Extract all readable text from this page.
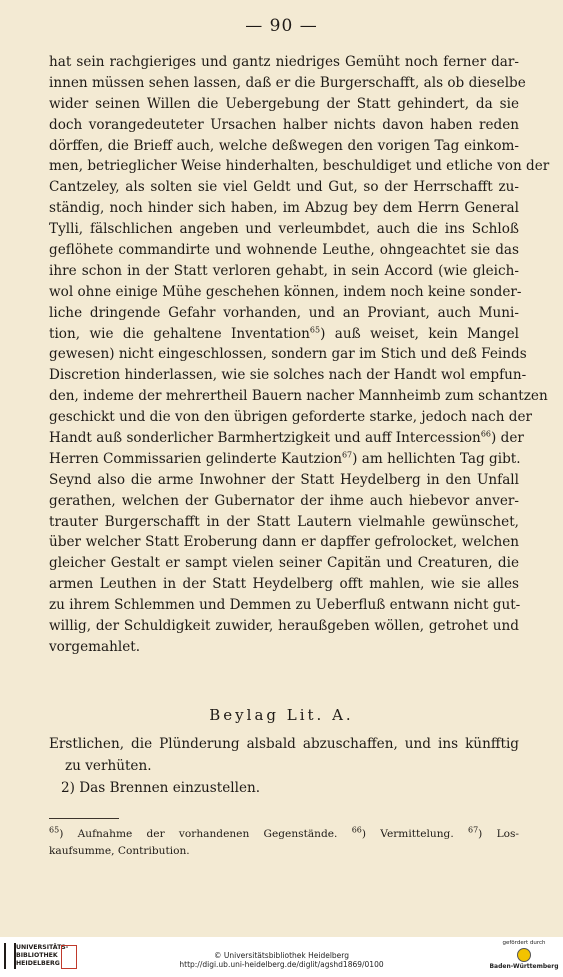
— 90 —
hat sein rachgieriges und gantz niedriges Gemüht noch ferner dar-
innen müssen sehen lassen, daß er die Burgerschafft, als ob dieselbe
wider seinen Willen die Uebergebung der Statt gehindert, da sie
doch vorangedeuteter Ursachen halber nichts davon haben reden
dörffen, die Brieff auch, welche deßwegen den vorigen Tag einkom-
men, betrieglicher Weise hinderhalten, beschuldiget und etliche von der
Cantzeley, als solten sie viel Geldt und Gut, so der Herrschafft zu-
ständig, noch hinder sich haben, im Abzug bey dem Herrn General
Tylli, fälschlichen angeben und verleumbdet, auch die ins Schloß
geflöhete commandirte und wohnende Leuthe, ohngeachtet sie das
ihre schon in der Statt verloren gehabt, in sein Accord (wie gleich-
wol ohne einige Mühe geschehen können, indem noch keine sonder-
liche dringende Gefahr vorhanden, und an Proviant, auch Muni-
tion, wie die gehaltene Inventation$^{65}$) auß weiset, kein Mangel
gewesen) nicht eingeschlossen, sondern gar im Stich und deß Feinds
Discretion hinderlassen, wie sie solches nach der Handt wol empfun-
den, indeme der mehrertheil Bauern nacher Mannheimb zum schantzen
geschickt und die von den übrigen geforderte starke, jedoch nach der
Handt auß sonderlicher Barmhertzigkeit und auff Intercession$^{66}$) der
Herren Commissarien gelinderte Kautzion$^{67}$) am hellichten Tag gibt.
Seynd also die arme Inwohner der Statt Heydelberg in den Unfall
gerathen, welchen der Gubernator der ihme auch hiebevor anver-
trauter Burgerschafft in der Statt Lautern vielmahle gewünschet,
über welcher Statt Eroberung dann er dapffer gefrolocket, welchen
gleicher Gestalt er sampt vielen seiner Capitän und Creaturen, die
armen Leuthen in der Statt Heydelberg offt mahlen, wie sie alles
zu ihrem Schlemmen und Demmen zu Ueberfluß entwann nicht gut-
willig, der Schuldigkeit zuwider, heraußgeben wöllen, getrohet und
vorgemahlet.
Beylag Lit. A.
Erstlichen, die Plünderung alsbald abzuschaffen, und ins künfftig
zu verhüten.
2) Das Brennen einzustellen.
$^{65}$) Aufnahme der vorhandenen Gegenstände. $^{66}$) Vermittelung. $^{67}$) Los-
kaufsumme, Contribution.
UNIVERSITÄTS-
BIBLIOTHEK
HEIDELBERG
© Universitätsbibliothek Heidelberg
http://digi.ub.uni-heidelberg.de/diglit/agshd1869/0100
gefördert durch
Baden-Württemberg
